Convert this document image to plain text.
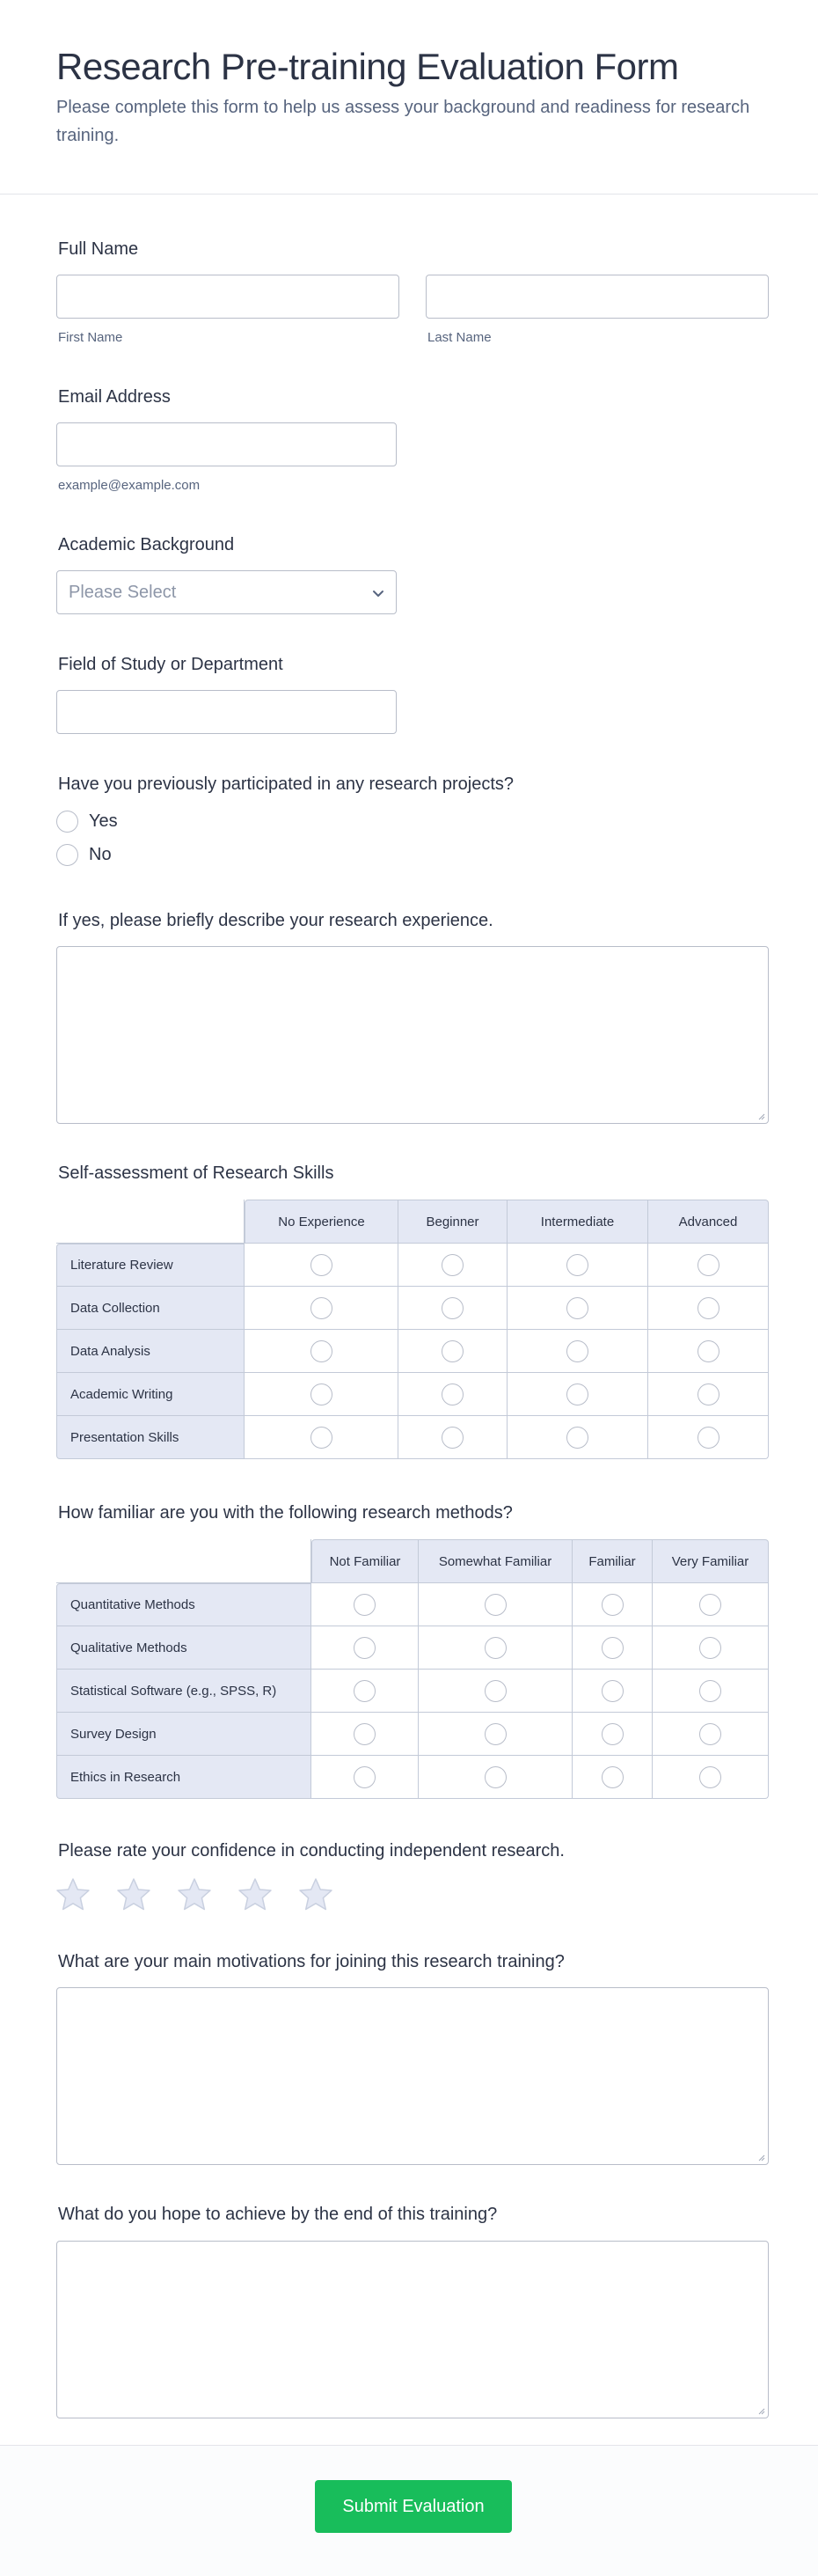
Research Pre-training Evaluation Form
Please complete this form to help us assess your background and readiness for research training.
Full Name
First Name	Last Name
Email Address
example@example.com
Academic Background
Please Select
Field of Study or Department
Have you previously participated in any research projects?
Yes
No
If yes, please briefly describe your research experience.
Self-assessment of Research Skills
	No Experience	Beginner	Intermediate	Advanced
Literature Review				
Data Collection				
Data Analysis				
Academic Writing				
Presentation Skills				
How familiar are you with the following research methods?
	Not Familiar	Somewhat Familiar	Familiar	Very Familiar
Quantitative Methods				
Qualitative Methods				
Statistical Software (e.g., SPSS, R)				
Survey Design				
Ethics in Research				
Please rate your confidence in conducting independent research.
What are your main motivations for joining this research training?
What do you hope to achieve by the end of this training?
Submit Evaluation
